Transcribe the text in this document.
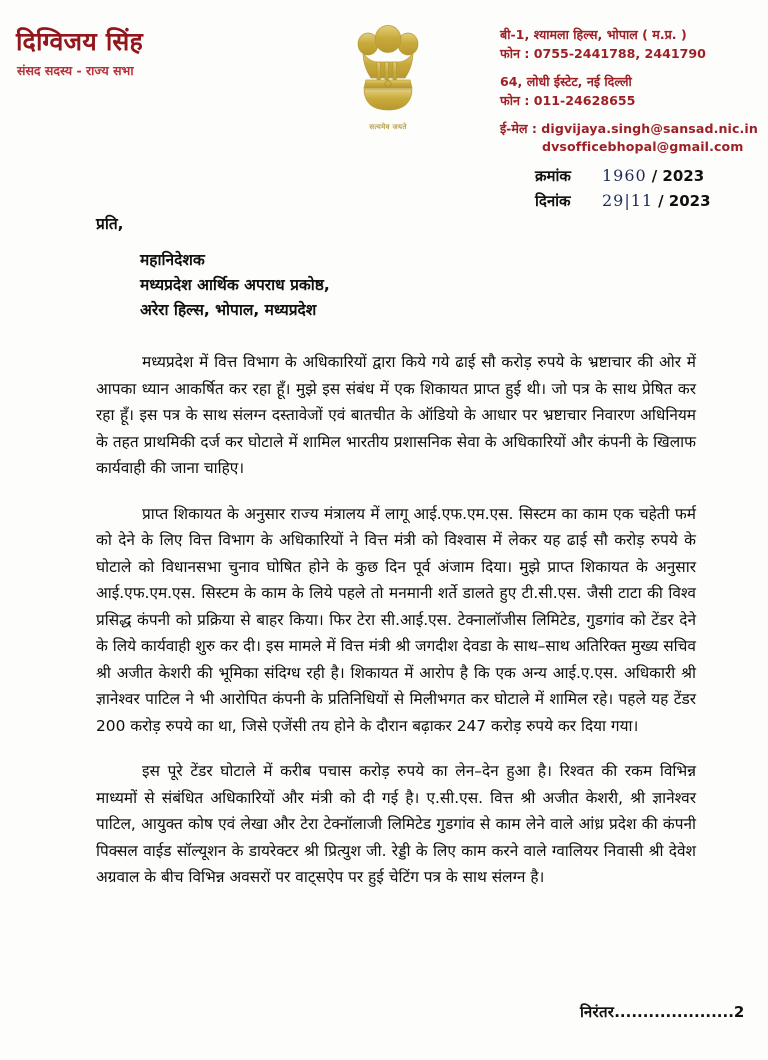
दिग्विजय सिंह
संसद सदस्य - राज्य सभा
सत्यमेव जयते
बी-1, श्यामला हिल्स, भोपाल ( म.प्र. )
फोन : 0755-2441788, 2441790
64, लोधी ईस्टेट, नई दिल्ली
फोन : 011-24628655
ई-मेल : digvijaya.singh@sansad.nic.in
dvsofficebhopal@gmail.com
क्रमांक	1960 / 2023
दिनांक	29|11 / 2023
प्रति,
महानिदेशक
मध्यप्रदेश आर्थिक अपराध प्रकोष्ठ,
अरेरा हिल्स, भोपाल, मध्यप्रदेश

मध्यप्रदेश में वित्त विभाग के अधिकारियों द्वारा किये गये ढाई सौ करोड़ रुपये के भ्रष्टाचार की ओर में आपका ध्यान आकर्षित कर रहा हूँ। मुझे इस संबंध में एक शिकायत प्राप्त हुई थी। जो पत्र के साथ प्रेषित कर रहा हूँ। इस पत्र के साथ संलग्न दस्तावेजों एवं बातचीत के ऑडियो के आधार पर भ्रष्टाचार निवारण अधिनियम के तहत प्राथमिकी दर्ज कर घोटाले में शामिल भारतीय प्रशासनिक सेवा के अधिकारियों और कंपनी के खिलाफ कार्यवाही की जाना चाहिए।

प्राप्त शिकायत के अनुसार राज्य मंत्रालय में लागू आई.एफ.एम.एस. सिस्टम का काम एक चहेती फर्म को देने के लिए वित्त विभाग के अधिकारियों ने वित्त मंत्री को विश्वास में लेकर यह ढाई सौ करोड़ रुपये के घोटाले को विधानसभा चुनाव घोषित होने के कुछ दिन पूर्व अंजाम दिया। मुझे प्राप्त शिकायत के अनुसार आई.एफ.एम.एस. सिस्टम के काम के लिये पहले तो मनमानी शर्ते डालते हुए टी.सी.एस. जैसी टाटा की विश्व प्रसिद्ध कंपनी को प्रक्रिया से बाहर किया। फिर टेरा सी.आई.एस. टेक्नालॉजीस लिमिटेड, गुडगांव को टेंडर देने के लिये कार्यवाही शुरु कर दी। इस मामले में वित्त मंत्री श्री जगदीश देवडा के साथ–साथ अतिरिक्त मुख्य सचिव श्री अजीत केशरी की भूमिका संदिग्ध रही है। शिकायत में आरोप है कि एक अन्य आई.ए.एस. अधिकारी श्री ज्ञानेश्वर पाटिल ने भी आरोपित कंपनी के प्रतिनिधियों से मिलीभगत कर घोटाले में शामिल रहे। पहले यह टेंडर 200 करोड़ रुपये का था, जिसे एजेंसी तय होने के दौरान बढ़ाकर 247 करोड़ रुपये कर दिया गया।

इस पूरे टेंडर घोटाले में करीब पचास करोड़ रुपये का लेन–देन हुआ है। रिश्वत की रकम विभिन्न माध्यमों से संबंधित अधिकारियों और मंत्री को दी गई है। ए.सी.एस. वित्त श्री अजीत केशरी, श्री ज्ञानेश्वर पाटिल, आयुक्त कोष एवं लेखा और टेरा टेक्नॉलाजी लिमिटेड गुडगांव से काम लेने वाले आंध्र प्रदेश की कंपनी पिक्सल वाईड सॉल्यूशन के डायरेक्टर श्री प्रित्युश जी. रेड्डी के लिए काम करने वाले ग्वालियर निवासी श्री देवेश अग्रवाल के बीच विभिन्न अवसरों पर वाट्सऐप पर हुई चेटिंग पत्र के साथ संलग्न है।

निरंतर.....................2
